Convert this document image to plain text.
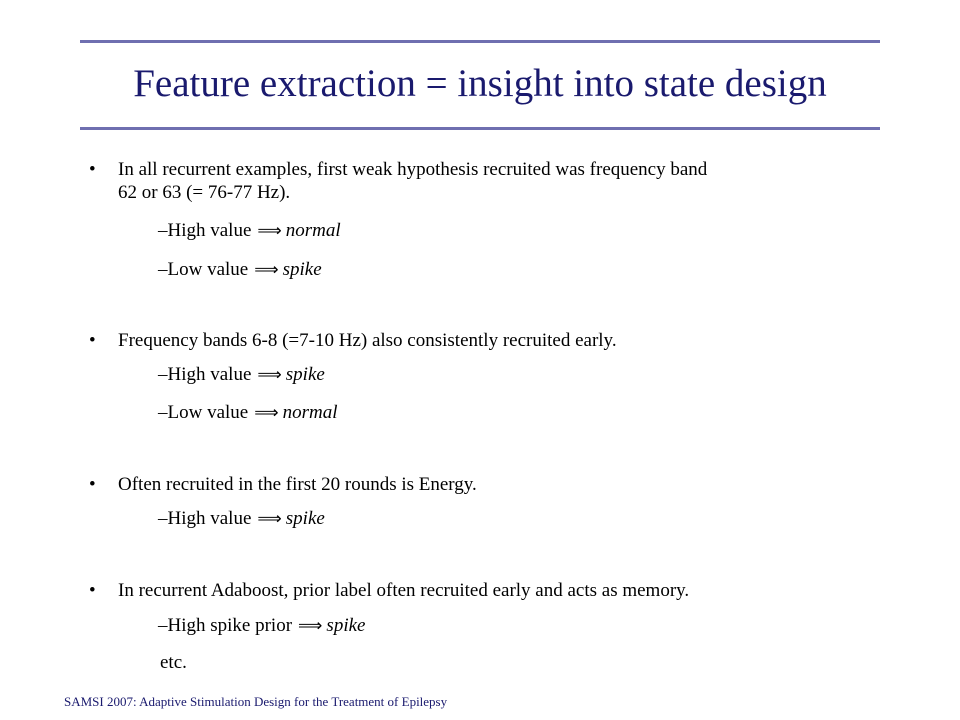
Feature extraction = insight into state design
• In all recurrent examples, first weak hypothesis recruited was frequency band
62 or 63 (= 76-77 Hz).
–High value ⟹ normal
–Low value ⟹ spike
• Frequency bands 6-8 (=7-10 Hz) also consistently recruited early.
–High value ⟹ spike
–Low value ⟹ normal
• Often recruited in the first 20 rounds is Energy.
–High value ⟹ spike
• In recurrent Adaboost, prior label often recruited early and acts as memory.
–High spike prior ⟹ spike
etc.
SAMSI 2007: Adaptive Stimulation Design for the Treatment of Epilepsy
